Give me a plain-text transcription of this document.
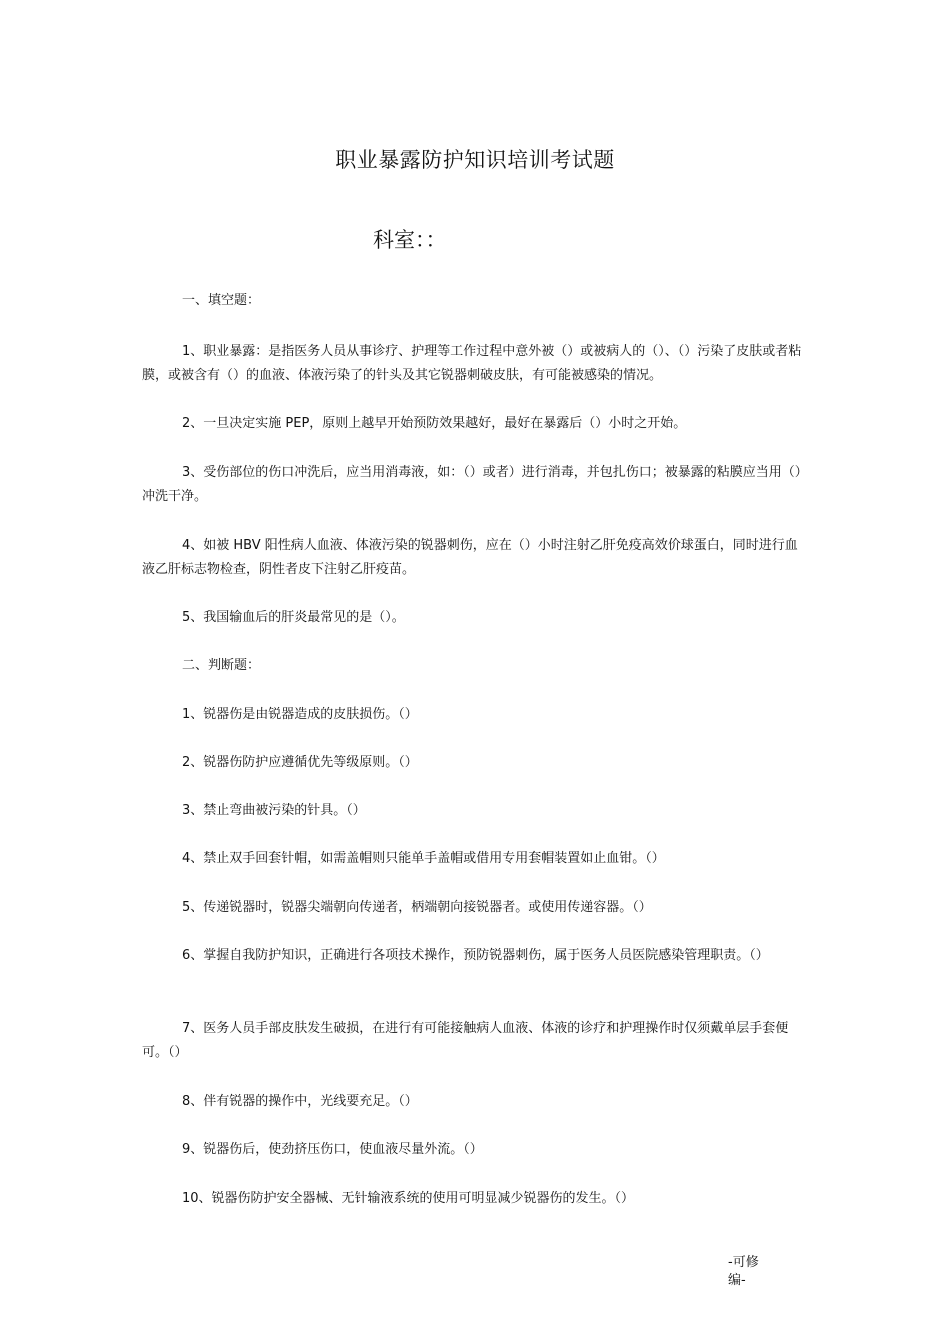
职业暴露防护知识培训考试题

科室：：

一、填空题：

1、职业暴露：是指医务人员从事诊疗、护理等工作过程中意外被（）或被病人的（）、（）污染了皮肤或者粘膜，或被含有（）的血液、体液污染了的针头及其它锐器刺破皮肤，有可能被感染的情况。

2、一旦决定实施 PEP，原则上越早开始预防效果越好，最好在暴露后（）小时之开始。

3、受伤部位的伤口冲洗后，应当用消毒液，如：（）或者）进行消毒，并包扎伤口；被暴露的粘膜应当用（）冲洗干净。

4、如被 HBV 阳性病人血液、体液污染的锐器刺伤，应在（）小时注射乙肝免疫高效价球蛋白，同时进行血液乙肝标志物检查，阴性者皮下注射乙肝疫苗。

5、我国输血后的肝炎最常见的是（）。

二、判断题：

1、锐器伤是由锐器造成的皮肤损伤。（）

2、锐器伤防护应遵循优先等级原则。（）

3、禁止弯曲被污染的针具。（）

4、禁止双手回套针帽，如需盖帽则只能单手盖帽或借用专用套帽装置如止血钳。（）

5、传递锐器时，锐器尖端朝向传递者，柄端朝向接锐器者。或使用传递容器。（）

6、掌握自我防护知识，正确进行各项技术操作，预防锐器刺伤，属于医务人员医院感染管理职责。（）

7、医务人员手部皮肤发生破损，在进行有可能接触病人血液、体液的诊疗和护理操作时仅须戴单层手套便可。（）

8、伴有锐器的操作中，光线要充足。（）

9、锐器伤后，使劲挤压伤口，使血液尽量外流。（）

10、锐器伤防护安全器械、无针输液系统的使用可明显减少锐器伤的发生。（）

-可修
编-
